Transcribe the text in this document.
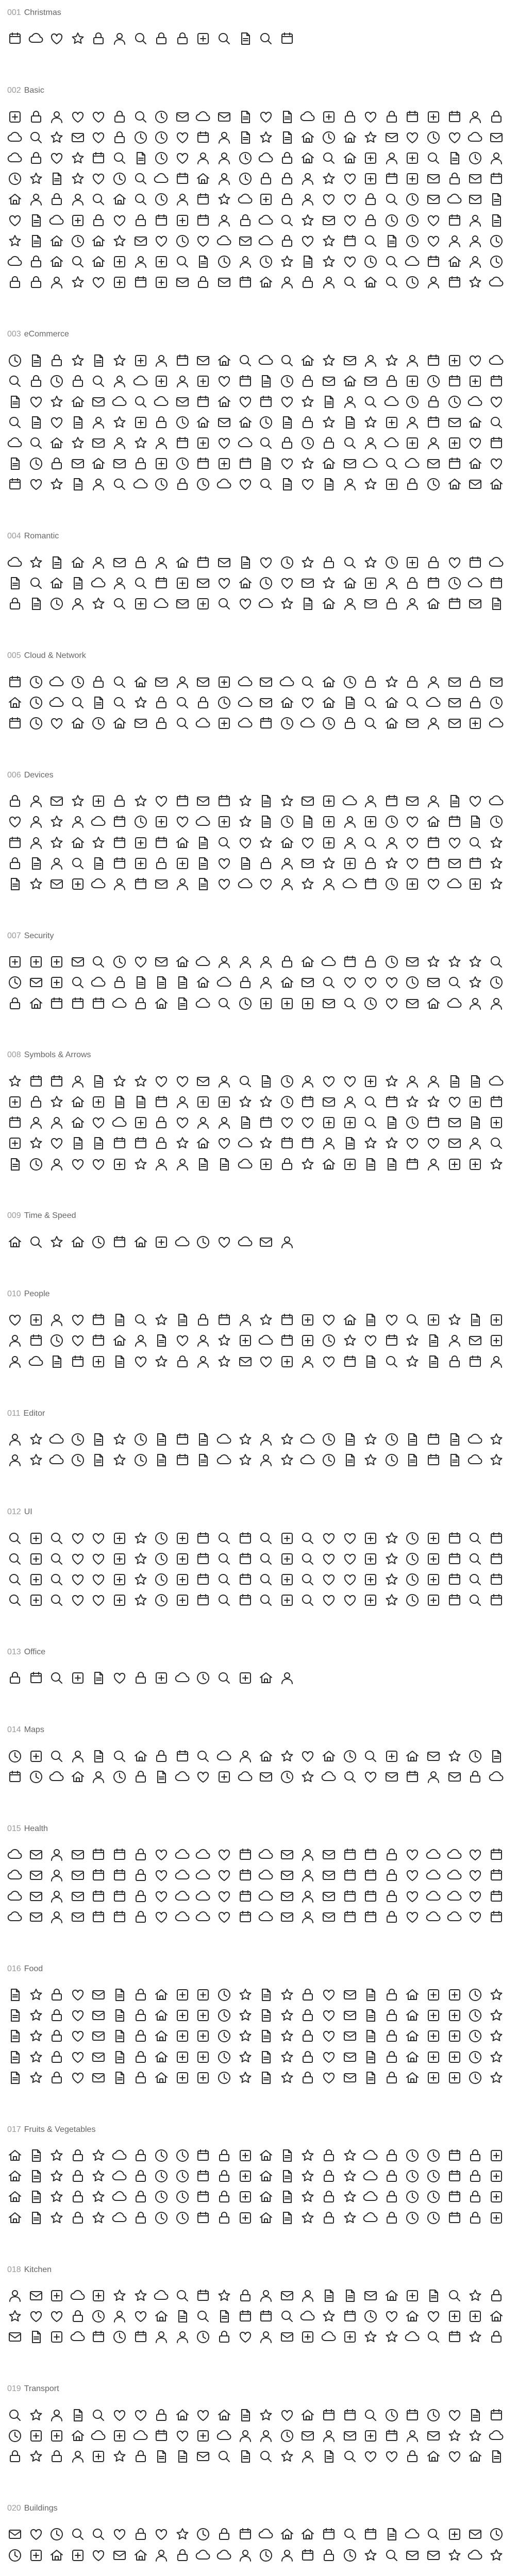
001 Christmas
002 Basic
003 eCommerce
004 Romantic
005 Cloud & Network
006 Devices
007 Security
008 Symbols & Arrows
009 Time & Speed
010 People
011 Editor
012 UI
013 Office
014 Maps
015 Health
016 Food
017 Fruits & Vegetables
018 Kitchen
019 Transport
020 Buildings
